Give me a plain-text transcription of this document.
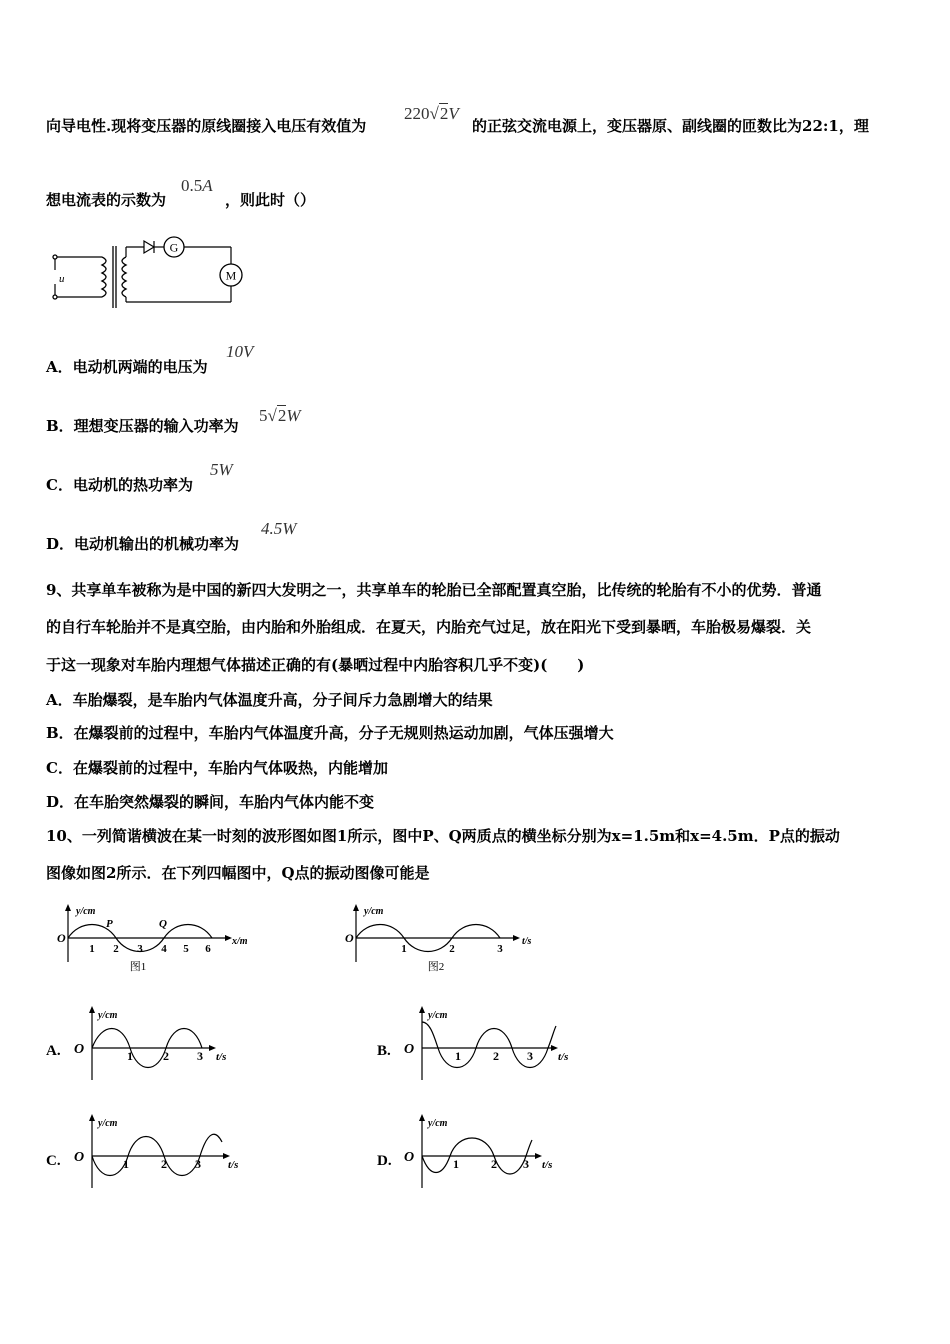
向导电性.现将变压器的原线圈接入电压有效值为
220√2V
的正弦交流电源上，变压器原、副线圈的匝数比为22:1，理
想电流表的示数为
0.5A
，则此时（）
u
G
M
A．电动机两端的电压为
10V
B．理想变压器的输入功率为
5√2W
C．电动机的热功率为
5W
D．电动机输出的机械功率为
4.5W
9、共享单车被称为是中国的新四大发明之一，共享单车的轮胎已全部配置真空胎，比传统的轮胎有不小的优势．普通
的自行车轮胎并不是真空胎，由内胎和外胎组成．在夏天，内胎充气过足，放在阳光下受到暴晒，车胎极易爆裂．关
于这一现象对车胎内理想气体描述正确的有(暴晒过程中内胎容积几乎不变)(　　)
A．车胎爆裂，是车胎内气体温度升高，分子间斥力急剧增大的结果
B．在爆裂前的过程中，车胎内气体温度升高，分子无规则热运动加剧，气体压强增大
C．在爆裂前的过程中，车胎内气体吸热，内能增加
D．在车胎突然爆裂的瞬间，车胎内气体内能不变
10、一列简谐横波在某一时刻的波形图如图1所示，图中P、Q两质点的横坐标分别为x=1.5m和x=4.5m．P点的振动
图像如图2所示．在下列四幅图中，Q点的振动图像可能是
y/cm
x/m
O
1 2 3 4 5 6
P	Q
图1
y/cm
t/s
O
1	2	3
图2
A.
y/cm
t/s
O	1	2 3	B.
y/cm
t/s
O	1	2 3
C.
y/cm
t/s
O	1	2 3	D.
y/cm
t/s
O	1	2 3
